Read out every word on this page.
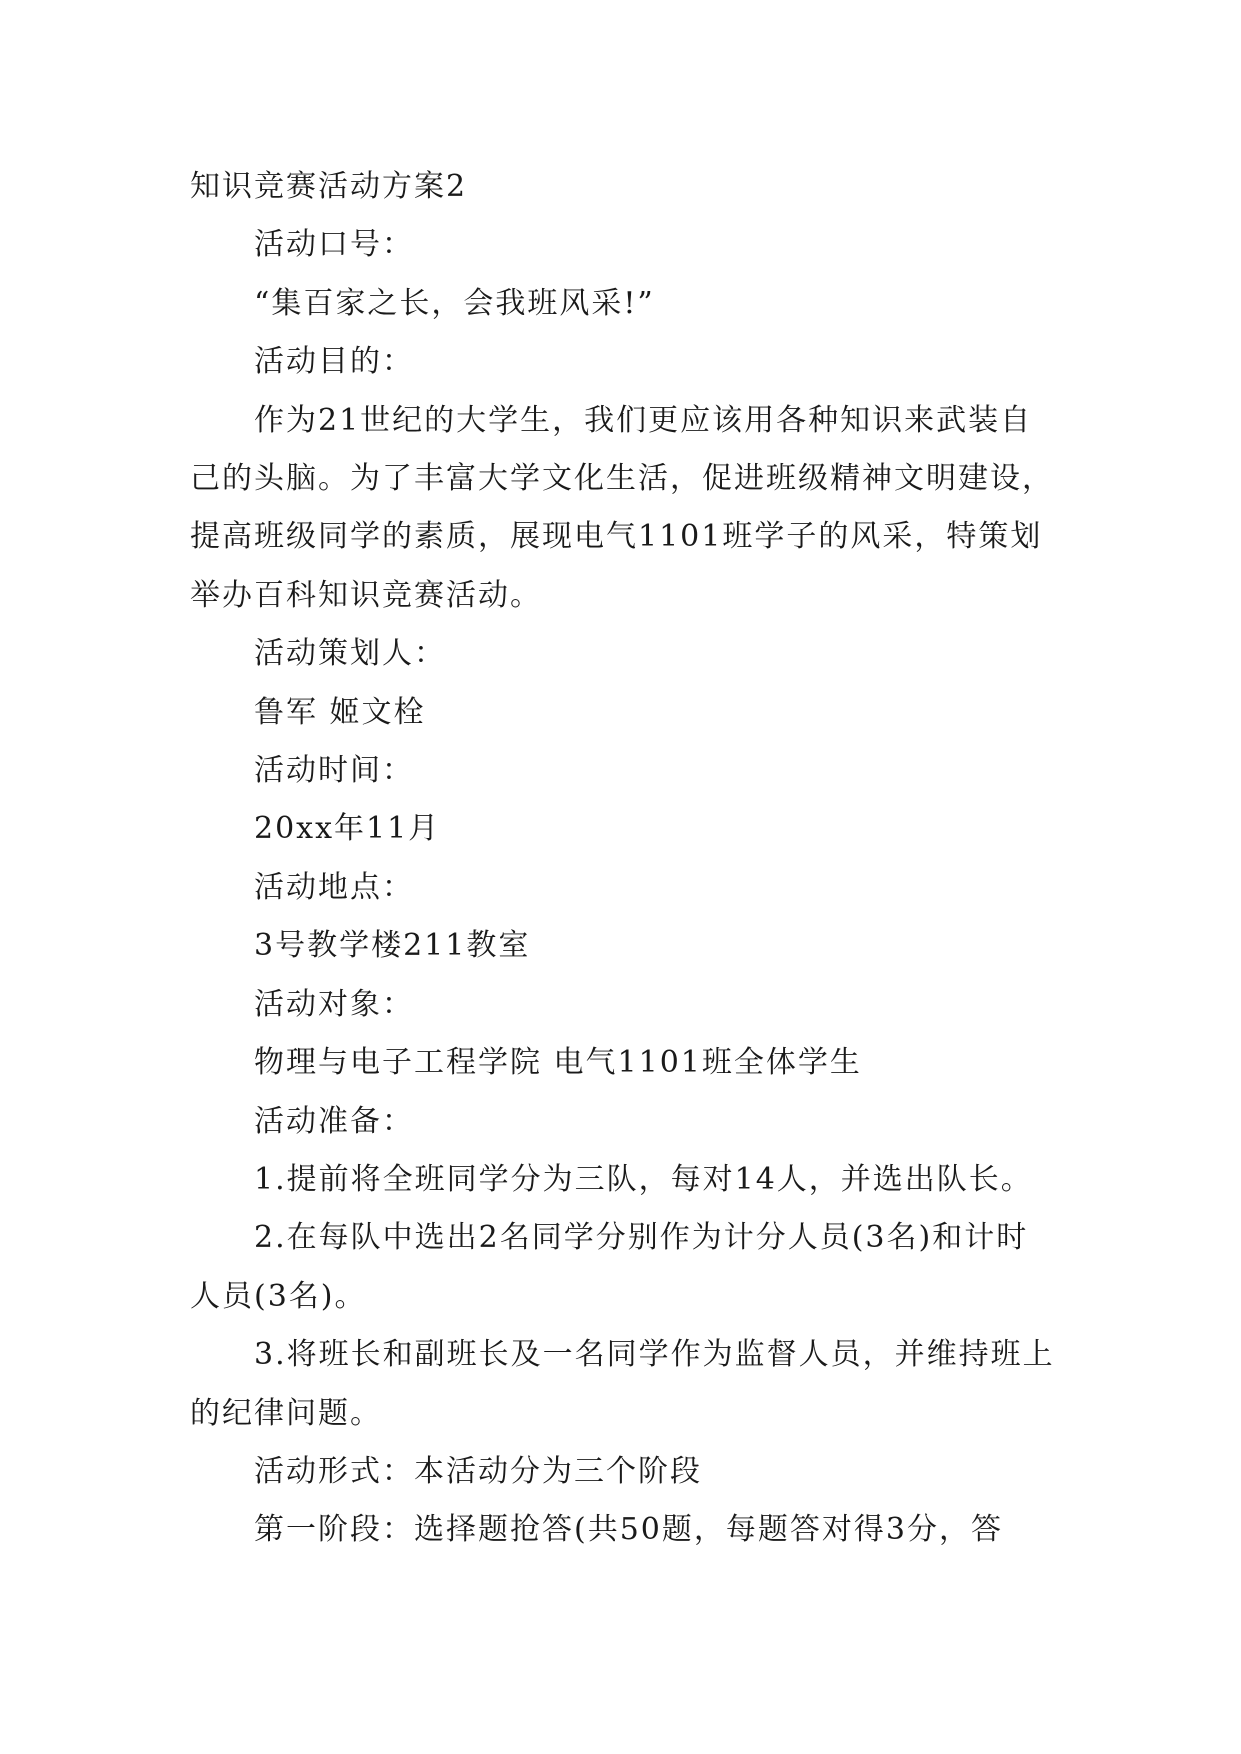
知识竞赛活动方案2

活动口号：

“集百家之长，会我班风采!”

活动目的：

作为21世纪的大学生，我们更应该用各种知识来武装自己的头脑。为了丰富大学文化生活，促进班级精神文明建设，提高班级同学的素质，展现电气1101班学子的风采，特策划举办百科知识竞赛活动。

活动策划人：

鲁军 姬文栓

活动时间：

20xx年11月

活动地点：

3号教学楼211教室

活动对象：

物理与电子工程学院 电气1101班全体学生

活动准备：

1.提前将全班同学分为三队，每对14人，并选出队长。

2.在每队中选出2名同学分别作为计分人员(3名)和计时人员(3名)。

3.将班长和副班长及一名同学作为监督人员，并维持班上的纪律问题。

活动形式：本活动分为三个阶段

第一阶段：选择题抢答(共50题，每题答对得3分，答
